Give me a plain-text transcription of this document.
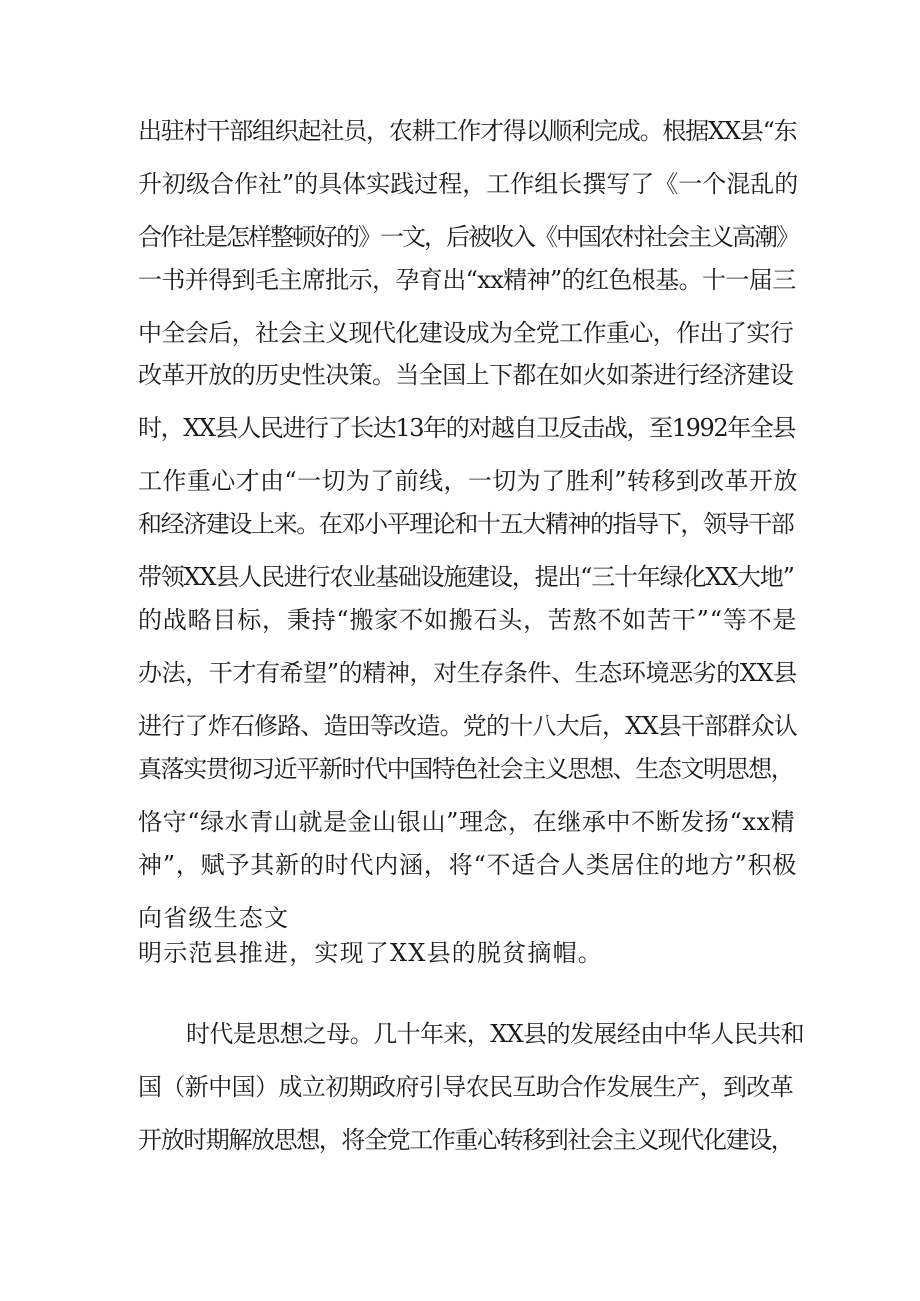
出驻村干部组织起社员，农耕工作才得以顺利完成。根据XX县“东
升初级合作社”的具体实践过程，工作组长撰写了《一个混乱的
合作社是怎样整顿好的》一文，后被收入《中国农村社会主义高潮》
一书并得到毛主席批示，孕育出“xx精神”的红色根基。十一届三
中全会后，社会主义现代化建设成为全党工作重心，作出了实行
改革开放的历史性决策。当全国上下都在如火如荼进行经济建设
时，XX县人民进行了长达13年的对越自卫反击战，至1992年全县
工作重心才由“一切为了前线，一切为了胜利”转移到改革开放
和经济建设上来。在邓小平理论和十五大精神的指导下，领导干部
带领XX县人民进行农业基础设施建设，提出“三十年绿化XX大地”
的战略目标，秉持“搬家不如搬石头，苦熬不如苦干”“等不是
办法，干才有希望”的精神，对生存条件、生态环境恶劣的XX县
进行了炸石修路、造田等改造。党的十八大后，XX县干部群众认
真落实贯彻习近平新时代中国特色社会主义思想、生态文明思想，
恪守“绿水青山就是金山银山”理念，在继承中不断发扬“xx精
神”，赋予其新的时代内涵，将“不适合人类居住的地方”积极
向省级生态文
明示范县推进，实现了XX县的脱贫摘帽。
时代是思想之母。几十年来，XX县的发展经由中华人民共和
国（新中国）成立初期政府引导农民互助合作发展生产，到改革
开放时期解放思想，将全党工作重心转移到社会主义现代化建设，
